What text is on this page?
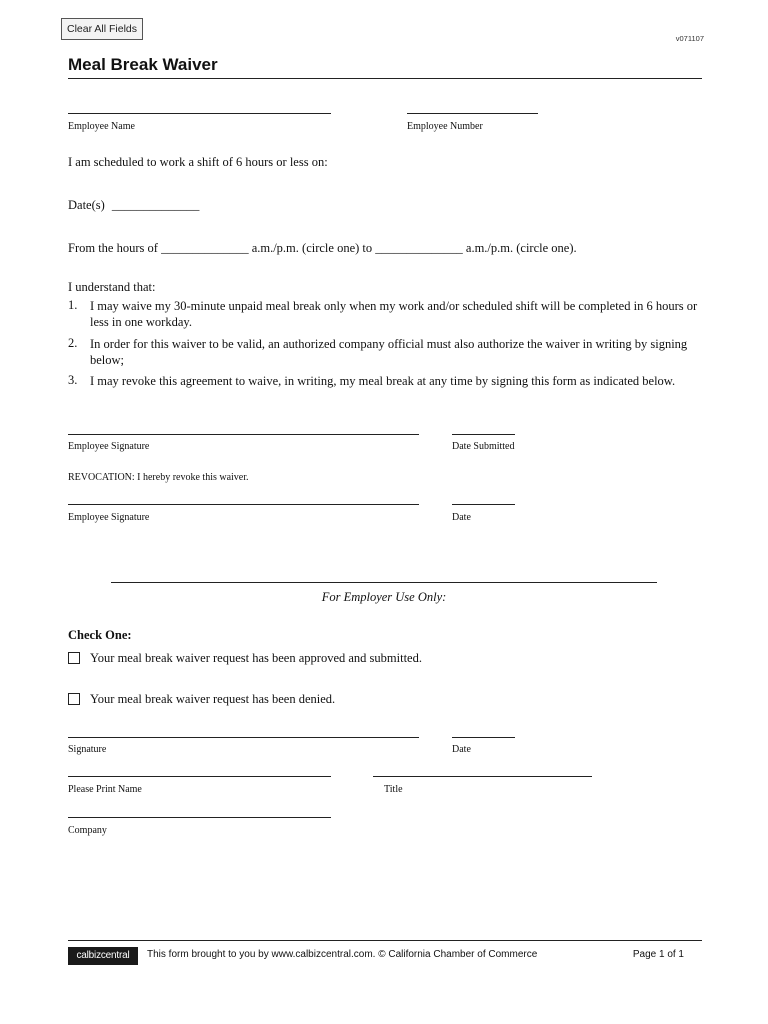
Clear All Fields
v071107
Meal Break Waiver
Employee Name	Employee Number
I am scheduled to work a shift of 6 hours or less on:
Date(s) ______________
From the hours of ______________ a.m./p.m. (circle one) to ______________ a.m./p.m. (circle one).
I understand that:
1. I may waive my 30-minute unpaid meal break only when my work and/or scheduled shift will be completed in 6 hours or less in one workday.
2. In order for this waiver to be valid, an authorized company official must also authorize the waiver in writing by signing below;
3. I may revoke this agreement to waive, in writing, my meal break at any time by signing this form as indicated below.
Employee Signature	Date Submitted
REVOCATION: I hereby revoke this waiver.
Employee Signature	Date
For Employer Use Only:
Check One:
Your meal break waiver request has been approved and submitted.
Your meal break waiver request has been denied.
Signature	Date
Please Print Name	Title
Company
calbizcentral	This form brought to you by www.calbizcentral.com. © California Chamber of Commerce	Page 1 of 1
